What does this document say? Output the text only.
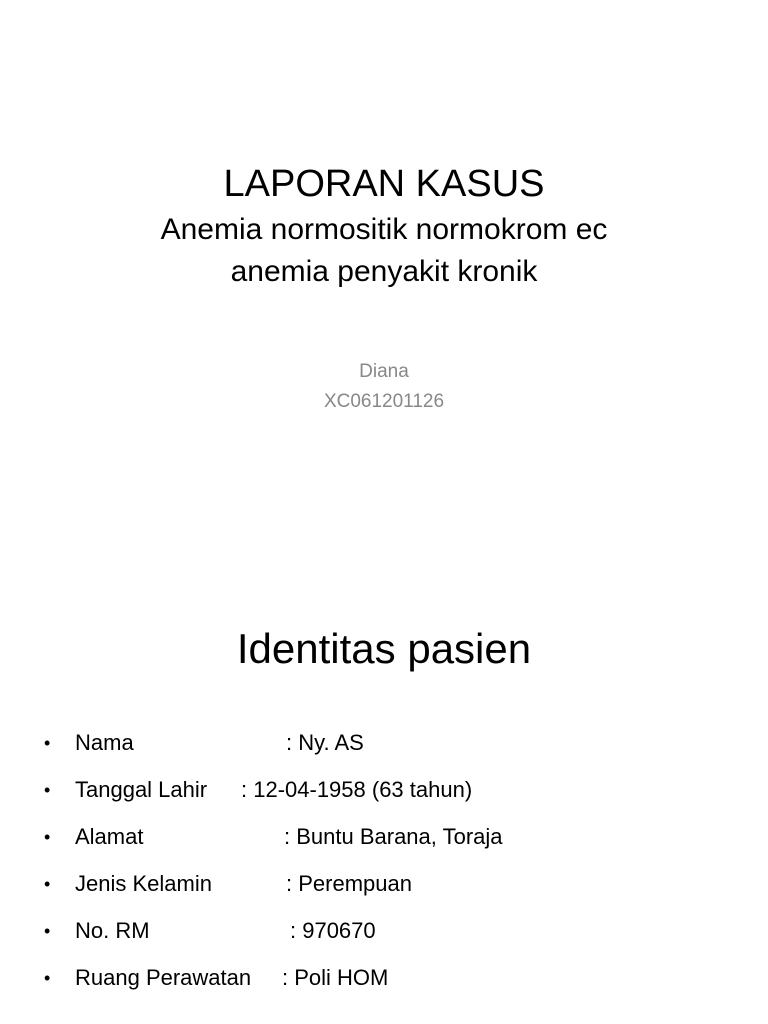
LAPORAN KASUS
Anemia normositik normokrom ec
anemia penyakit kronik
Diana
XC061201126
Identitas pasien
• Nama	: Ny. AS
• Tanggal Lahir : 12-04-1958 (63 tahun)
• Alamat	: Buntu Barana, Toraja
• Jenis Kelamin	: Perempuan
• No. RM	: 970670
• Ruang Perawatan : Poli HOM
